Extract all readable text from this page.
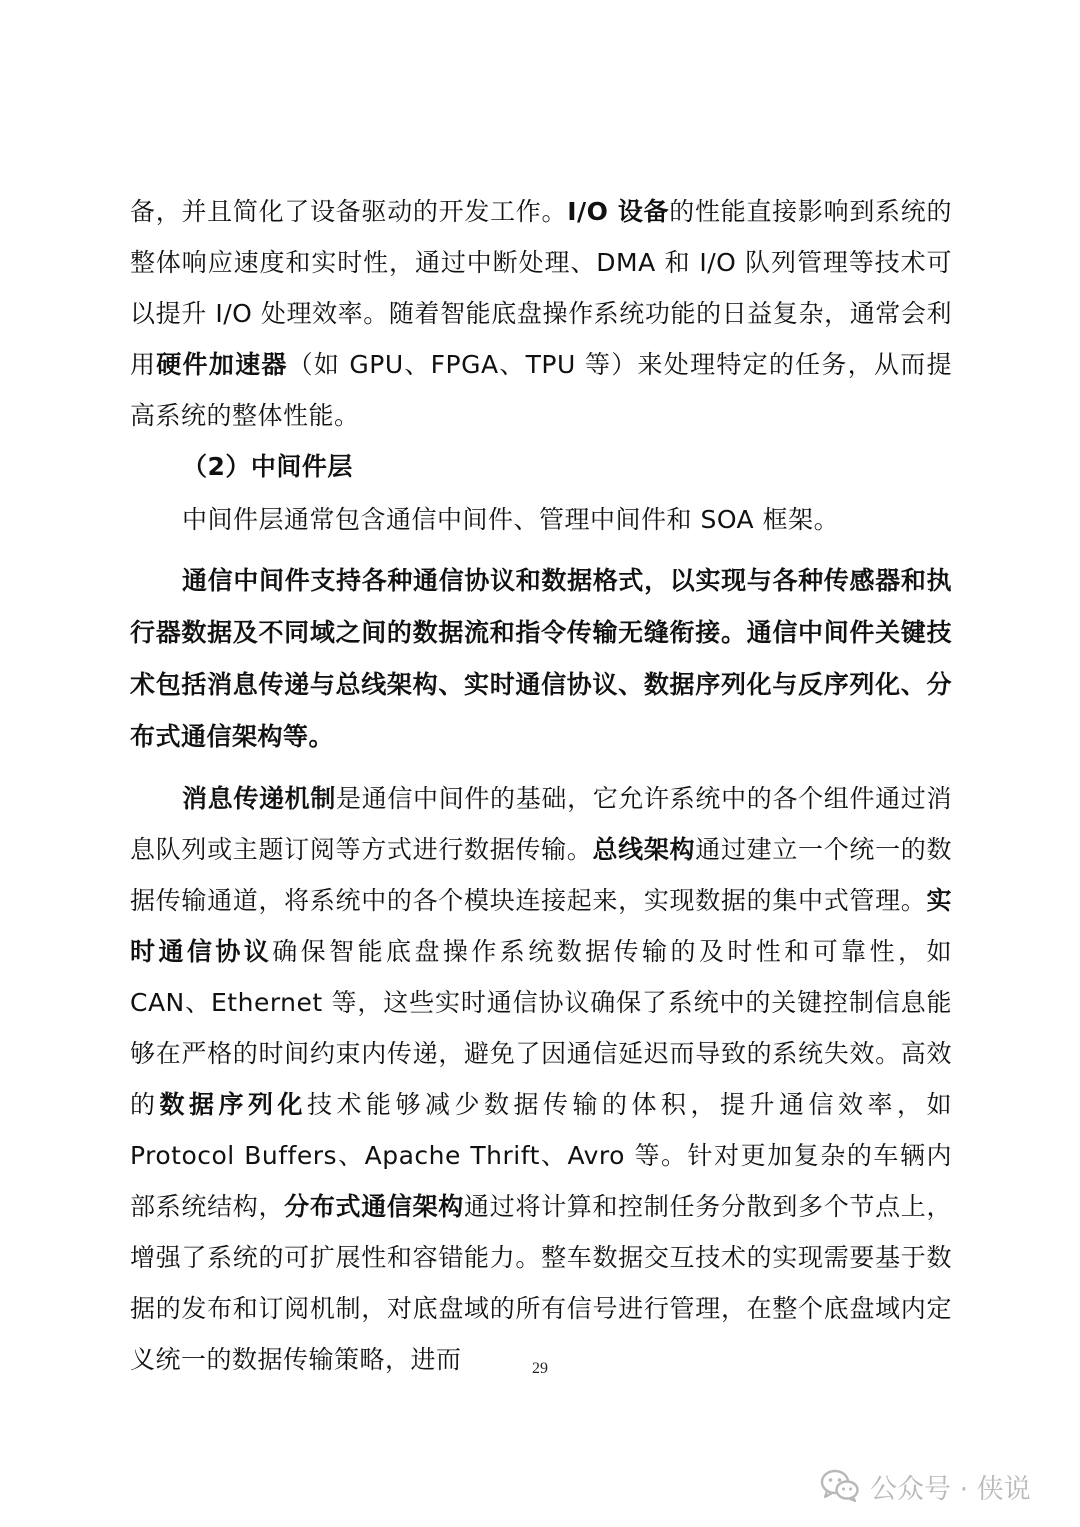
备，并且简化了设备驱动的开发工作。I/O 设备的性能直接影响到系统的整体响应速度和实时性，通过中断处理、DMA 和 I/O 队列管理等技术可以提升 I/O 处理效率。随着智能底盘操作系统功能的日益复杂，通常会利用硬件加速器（如 GPU、FPGA、TPU 等）来处理特定的任务，从而提高系统的整体性能。

（2）中间件层

中间件层通常包含通信中间件、管理中间件和 SOA 框架。

通信中间件支持各种通信协议和数据格式，以实现与各种传感器和执行器数据及不同域之间的数据流和指令传输无缝衔接。通信中间件关键技术包括消息传递与总线架构、实时通信协议、数据序列化与反序列化、分布式通信架构等。

消息传递机制是通信中间件的基础，它允许系统中的各个组件通过消息队列或主题订阅等方式进行数据传输。总线架构通过建立一个统一的数据传输通道，将系统中的各个模块连接起来，实现数据的集中式管理。实时通信协议确保智能底盘操作系统数据传输的及时性和可靠性，如 CAN、Ethernet 等，这些实时通信协议确保了系统中的关键控制信息能够在严格的时间约束内传递，避免了因通信延迟而导致的系统失效。高效的数据序列化技术能够减少数据传输的体积，提升通信效率，如 Protocol Buffers、Apache Thrift、Avro 等。针对更加复杂的车辆内部系统结构，分布式通信架构通过将计算和控制任务分散到多个节点上，增强了系统的可扩展性和容错能力。整车数据交互技术的实现需要基于数据的发布和订阅机制，对底盘域的所有信号进行管理，在整个底盘域内定义统一的数据传输策略，进而	29
公众号 · 侠说
